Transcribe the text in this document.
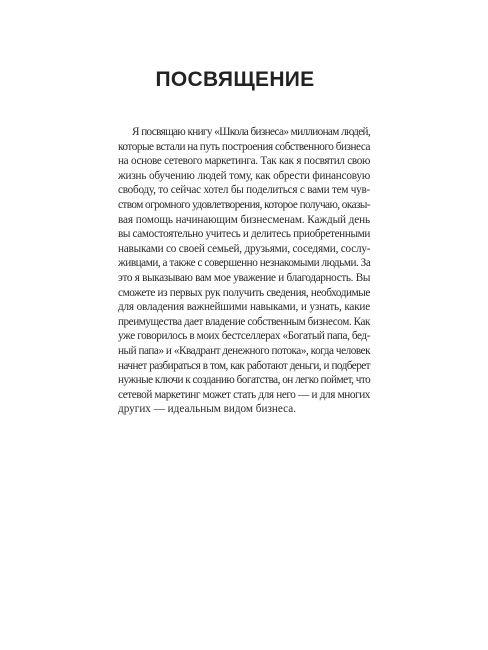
ПОСВЯЩЕНИЕ
Я посвящаю книгу «Школа бизнеса» миллионам людей,
которые встали на путь построения собственного бизнеса
на основе сетевого маркетинга. Так как я посвятил свою
жизнь обучению людей тому, как обрести финансовую
свободу, то сейчас хотел бы поделиться с вами тем чув-
ством огромного удовлетворения, которое получаю, оказы-
вая помощь начинающим бизнесменам. Каждый день
вы самостоятельно учитесь и делитесь приобретенными
навыками со своей семьей, друзьями, соседями, сослу-
живцами, а также с совершенно незнакомыми людьми. За
это я выказываю вам мое уважение и благодарность. Вы
сможете из первых рук получить сведения, необходимые
для овладения важнейшими навыками, и узнать, какие
преимущества дает владение собственным бизнесом. Как
уже говорилось в моих бестселлерах «Богатый папа, бед-
ный папа» и «Квадрант денежного потока», когда человек
начнет разбираться в том, как работают деньги, и подберет
нужные ключи к созданию богатства, он легко поймет, что
сетевой маркетинг может стать для него — и для многих
других — идеальным видом бизнеса.
